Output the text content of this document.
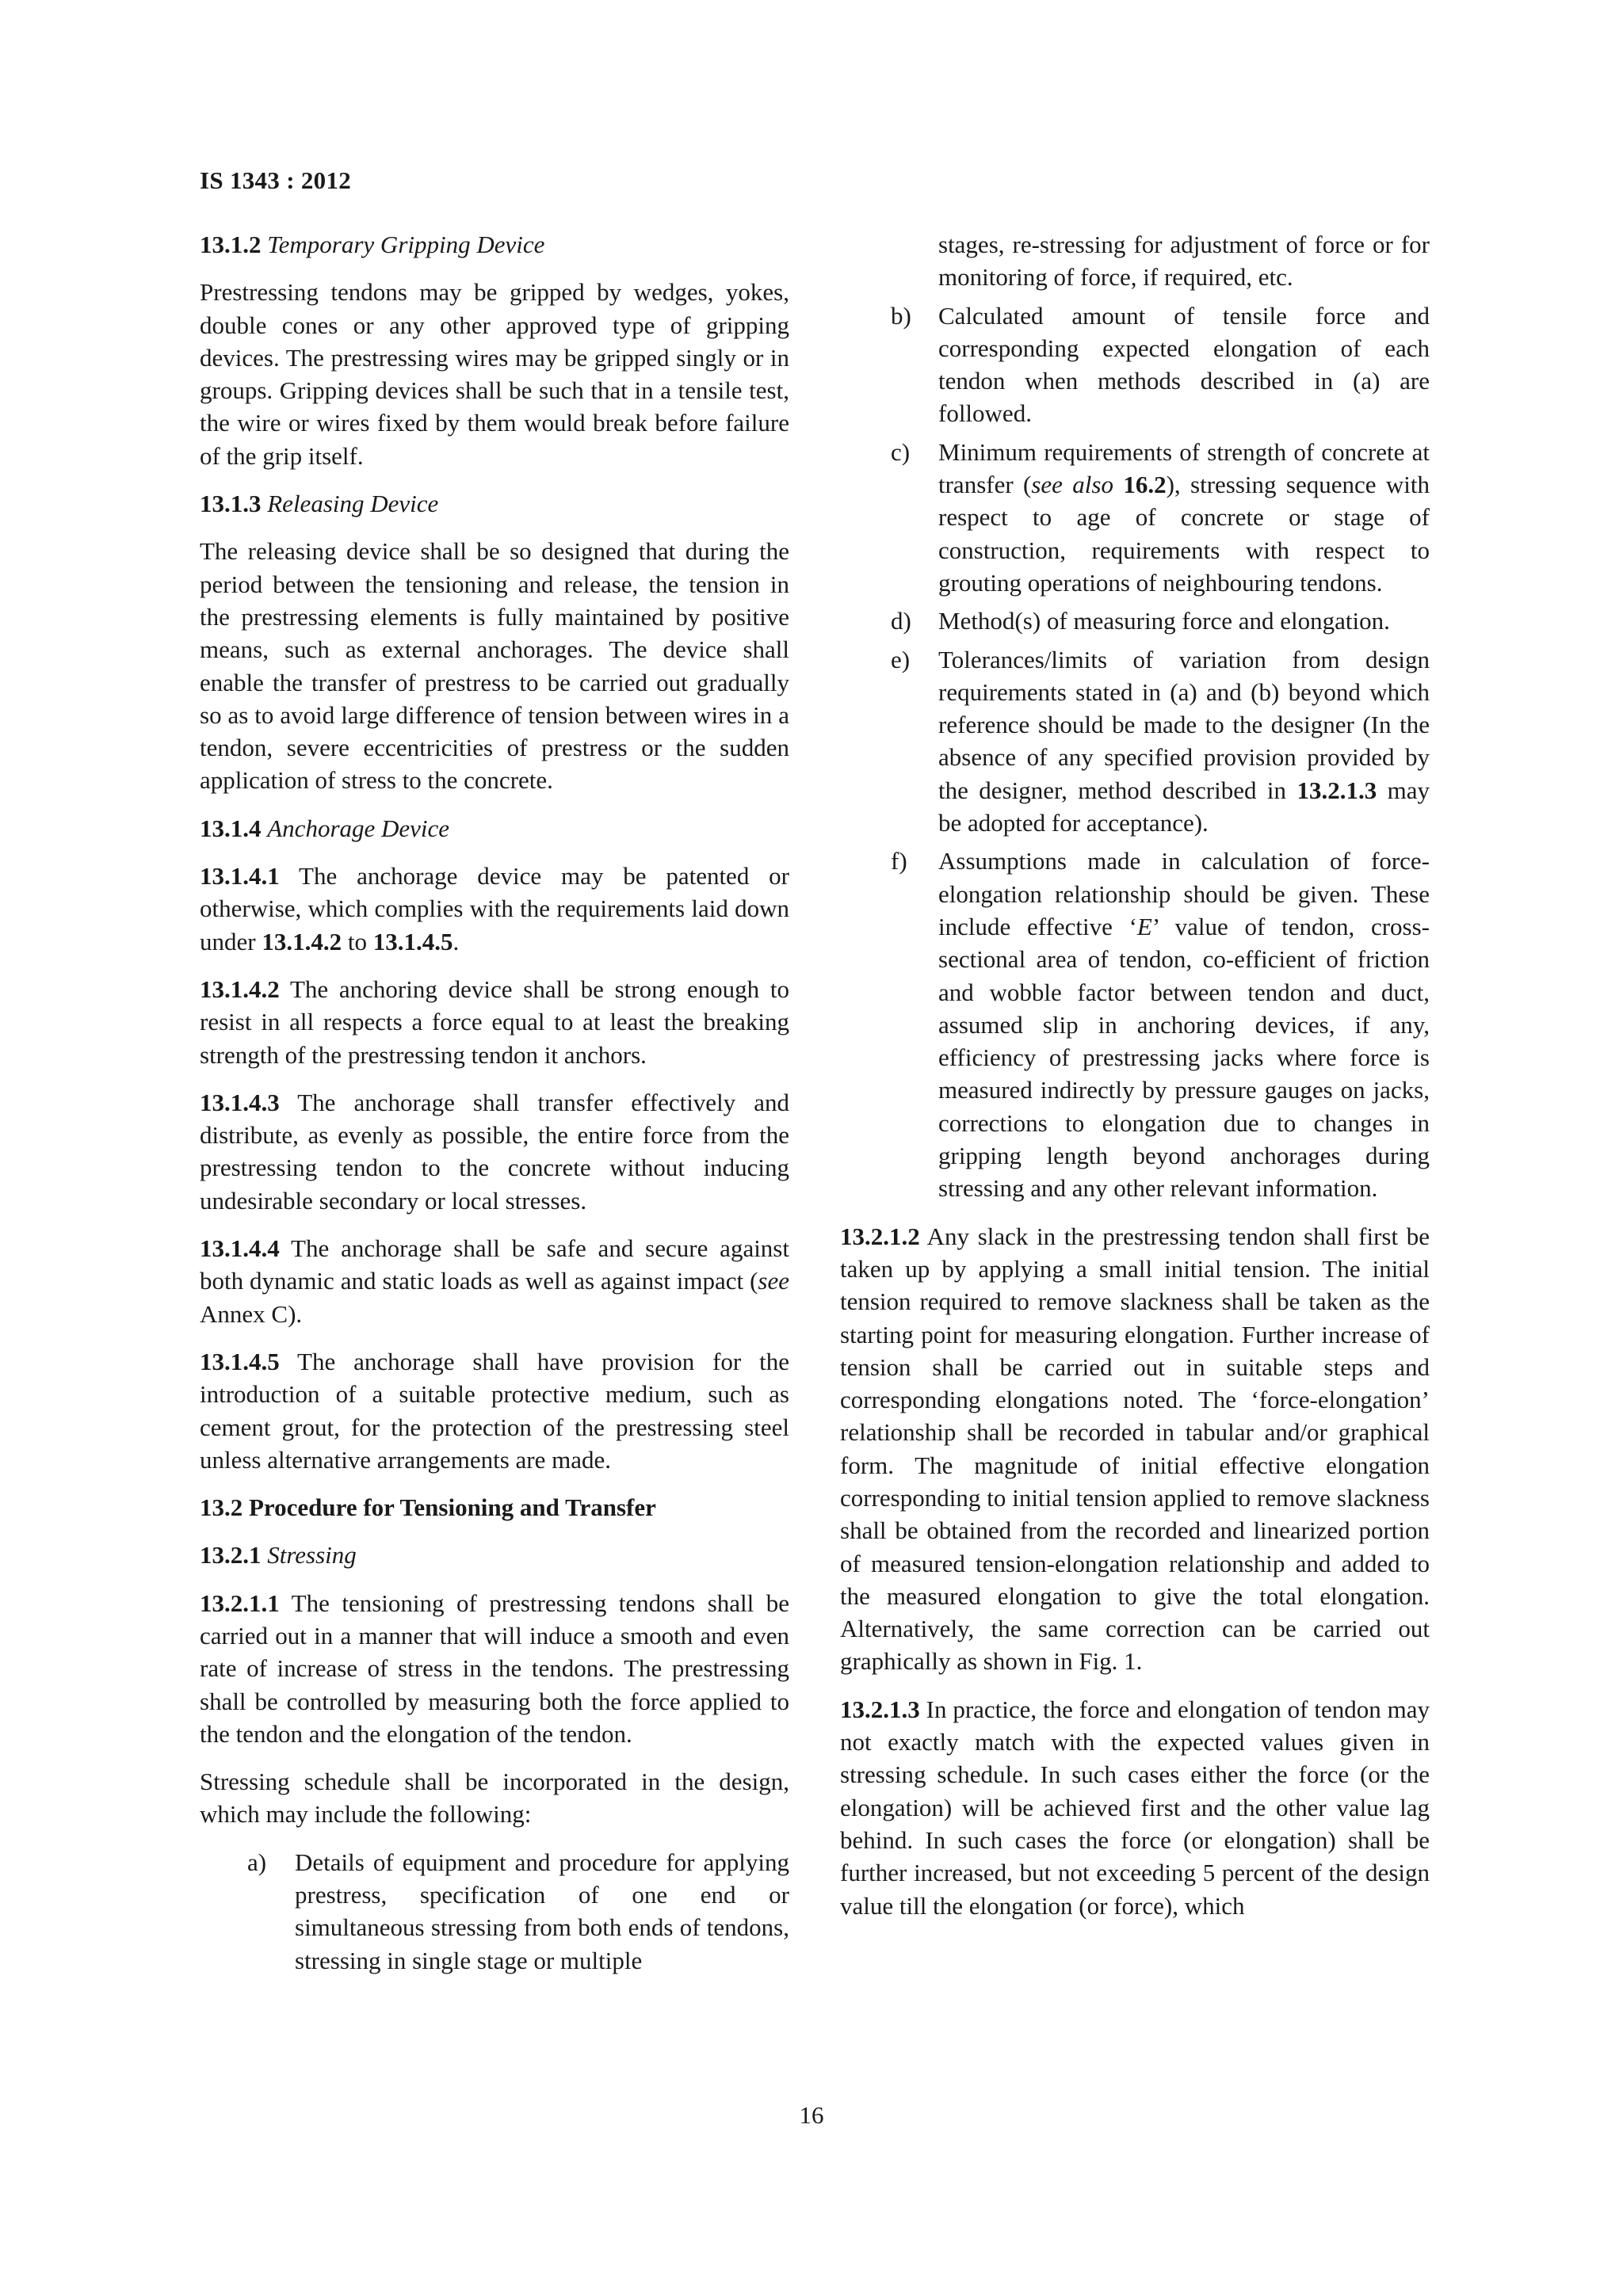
IS 1343 : 2012

13.1.2 Temporary Gripping Device

Prestressing tendons may be gripped by wedges, yokes, double cones or any other approved type of gripping devices. The prestressing wires may be gripped singly or in groups. Gripping devices shall be such that in a tensile test, the wire or wires fixed by them would break before failure of the grip itself.

13.1.3 Releasing Device

The releasing device shall be so designed that during the period between the tensioning and release, the tension in the prestressing elements is fully maintained by positive means, such as external anchorages. The device shall enable the transfer of prestress to be carried out gradually so as to avoid large difference of tension between wires in a tendon, severe eccentricities of prestress or the sudden application of stress to the concrete.

13.1.4 Anchorage Device

13.1.4.1 The anchorage device may be patented or otherwise, which complies with the requirements laid down under 13.1.4.2 to 13.1.4.5.

13.1.4.2 The anchoring device shall be strong enough to resist in all respects a force equal to at least the breaking strength of the prestressing tendon it anchors.

13.1.4.3 The anchorage shall transfer effectively and distribute, as evenly as possible, the entire force from the prestressing tendon to the concrete without inducing undesirable secondary or local stresses.

13.1.4.4 The anchorage shall be safe and secure against both dynamic and static loads as well as against impact (see Annex C).

13.1.4.5 The anchorage shall have provision for the introduction of a suitable protective medium, such as cement grout, for the protection of the prestressing steel unless alternative arrangements are made.

13.2 Procedure for Tensioning and Transfer

13.2.1 Stressing

13.2.1.1 The tensioning of prestressing tendons shall be carried out in a manner that will induce a smooth and even rate of increase of stress in the tendons. The prestressing shall be controlled by measuring both the force applied to the tendon and the elongation of the tendon.

Stressing schedule shall be incorporated in the design, which may include the following:

a)	Details of equipment and procedure for applying prestress, specification of one end or simultaneous stressing from both ends of tendons, stressing in single stage or multiple
stages, re-stressing for adjustment of force or for monitoring of force, if required, etc.
b)	Calculated amount of tensile force and corresponding expected elongation of each tendon when methods described in (a) are followed.
c)	Minimum requirements of strength of concrete at transfer (see also 16.2), stressing sequence with respect to age of concrete or stage of construction, requirements with respect to grouting operations of neighbouring tendons.
d)	Method(s) of measuring force and elongation.
e)	Tolerances/limits of variation from design requirements stated in (a) and (b) beyond which reference should be made to the designer (In the absence of any specified provision provided by the designer, method described in 13.2.1.3 may be adopted for acceptance).
f)	Assumptions made in calculation of force-elongation relationship should be given. These include effective ‘E’ value of tendon, cross-sectional area of tendon, co-efficient of friction and wobble factor between tendon and duct, assumed slip in anchoring devices, if any, efficiency of prestressing jacks where force is measured indirectly by pressure gauges on jacks, corrections to elongation due to changes in gripping length beyond anchorages during stressing and any other relevant information.

13.2.1.2 Any slack in the prestressing tendon shall first be taken up by applying a small initial tension. The initial tension required to remove slackness shall be taken as the starting point for measuring elongation. Further increase of tension shall be carried out in suitable steps and corresponding elongations noted. The ‘force-elongation’ relationship shall be recorded in tabular and/or graphical form. The magnitude of initial effective elongation corresponding to initial tension applied to remove slackness shall be obtained from the recorded and linearized portion of measured tension-elongation relationship and added to the measured elongation to give the total elongation. Alternatively, the same correction can be carried out graphically as shown in Fig. 1.

13.2.1.3 In practice, the force and elongation of tendon may not exactly match with the expected values given in stressing schedule. In such cases either the force (or the elongation) will be achieved first and the other value lag behind. In such cases the force (or elongation) shall be further increased, but not exceeding 5 percent of the design value till the elongation (or force), which

16
